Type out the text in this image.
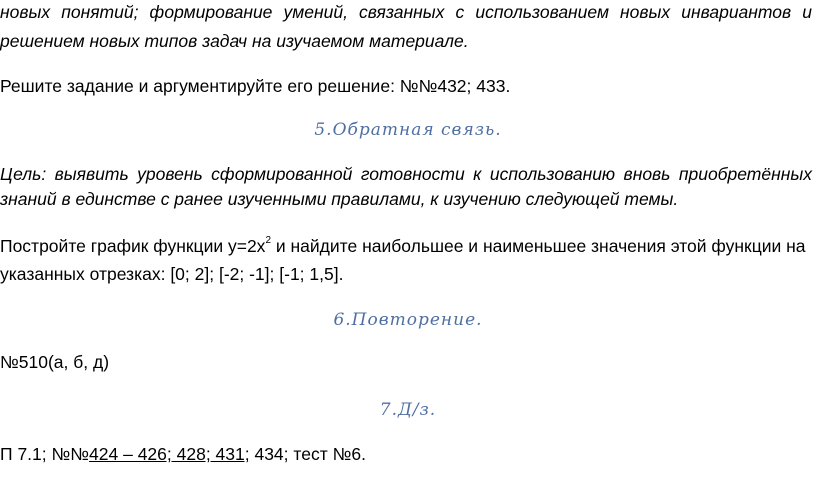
новых понятий; формирование умений, связанных с использованием новых инвариантов и
решением новых типов задач на изучаемом материале.
Решите задание и аргументируйте его решение: №№432; 433.
5.Обратная связь.
Цель: выявить уровень сформированной готовности к использованию вновь приобретённых
знаний в единстве с ранее изученными правилами, к изучению следующей темы.
Постройте график функции $y=2x^2$ и найдите наибольшее и наименьшее значения этой функции на
указанных отрезках: [0; 2]; [-2; -1]; [-1; 1,5].
6.Повторение.
№510(а, б, д)
7.Д/з.
П 7.1; №№424 – 426; 428; 431; 434; тест №6.
